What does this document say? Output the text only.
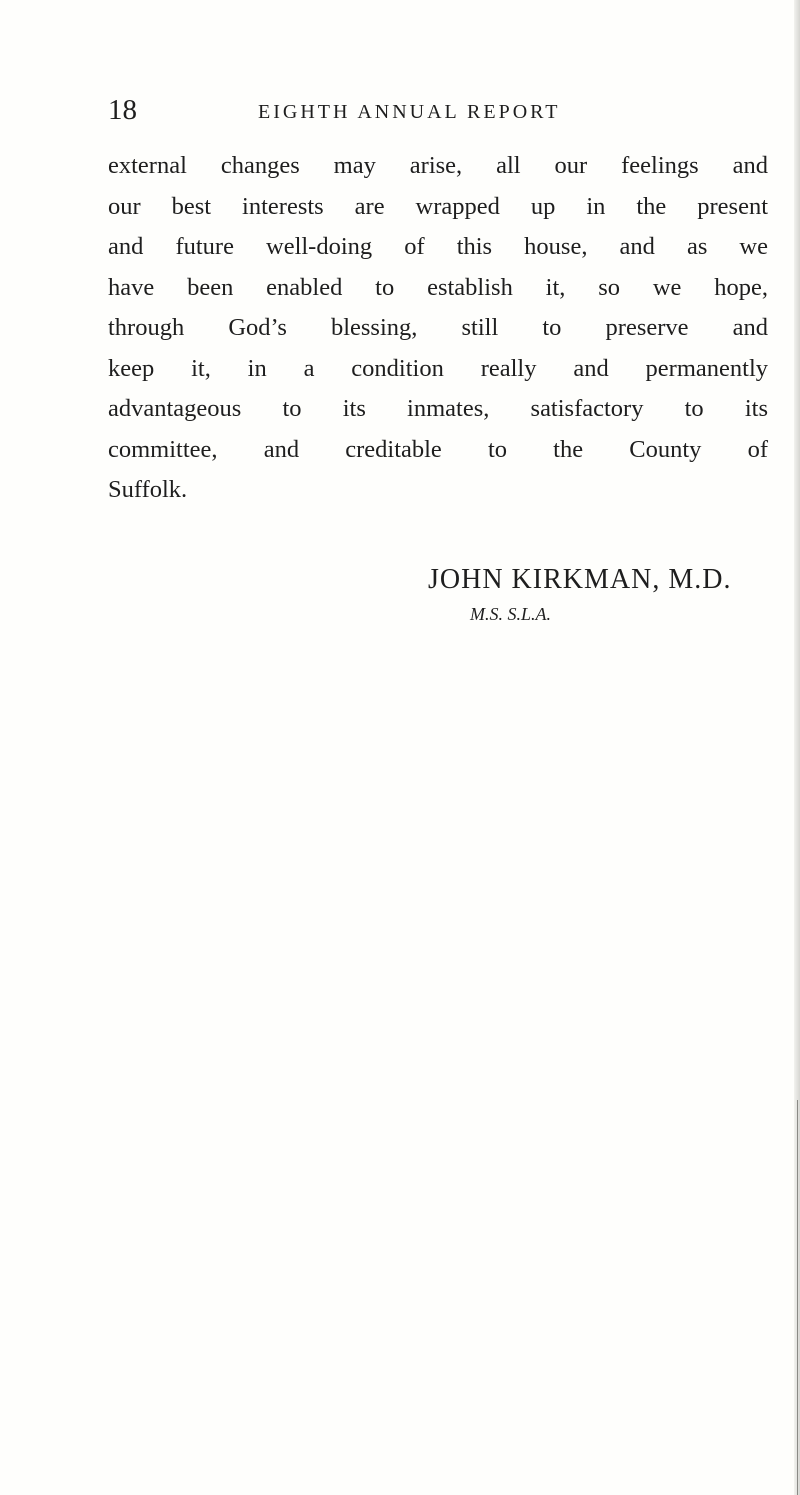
18	EIGHTH ANNUAL REPORT

external changes may arise, all our feelings and
our best interests are wrapped up in the present
and future well-doing of this house, and as we
have been enabled to establish it, so we hope,
through God’s blessing, still to preserve and
keep it, in a condition really and permanently
advantageous to its inmates, satisfactory to its
committee, and creditable to the County of
Suffolk.

JOHN KIRKMAN, M.D.
M.S. S.L.A.
